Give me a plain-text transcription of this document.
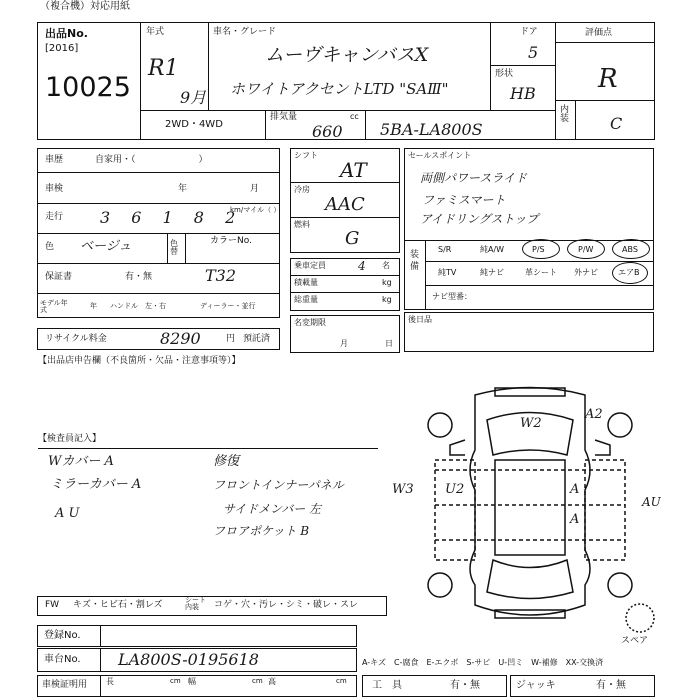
（複合機）対応用紙
出品No.
[2016]
10025
年式
R1
9月
車名・グレード
ムーヴキャンバスX
ホワイトアクセントLTD "SAⅢ"
ドア
5
形状
HB
評価点
R
内装	C
2WD・4WD
排気量	cc
660 5BA-LA800S
車歴	自家用・（　　　　　　　）
車検	年	月
走行 3 6 1 8 2
km/マイル（ ）
色 ベージュ	色替
カラーNo.
保証書	有・無	T32
モデル年式	年 ハンドル　左・右	ディーラー・並行
リサイクル料金	8290	円 預託済
シフト
AT
冷房
AAC
燃料
G
乗車定員	4 名
積載量	kg
総重量	kg
名変期限
月	日
セールスポイント
両側パワースライド
ファミスマート
アイドリングストップ
装備
S/R	純A/W	P/S	P/W	ABS
純TV	純ナビ	革シート 外ナビ	エアB
ナビ型番：
後日品
【出品店申告欄（不良箇所・欠品・注意事項等）】
【検査員記入】
Wカバー A
ミラーカバー A
A U
修復
フロントインナーパネル
サイドメンバー 左
フロアポケット B
W2
A2
W3 U2	A
A
AU
スペア
FW キズ・ヒビ石・割レズ	シート内装	コゲ・穴・汚レ・シミ・破レ・スレ
登録No.
車台No. LA800S-0195618	A-キズ　C-腐食　E-エクボ　S-サビ　U-凹ミ　W-補修　XX-交換済
車検証明用 長	cm 幅	cm 高	cm	工　具	有・無	ジャッキ	有・無
